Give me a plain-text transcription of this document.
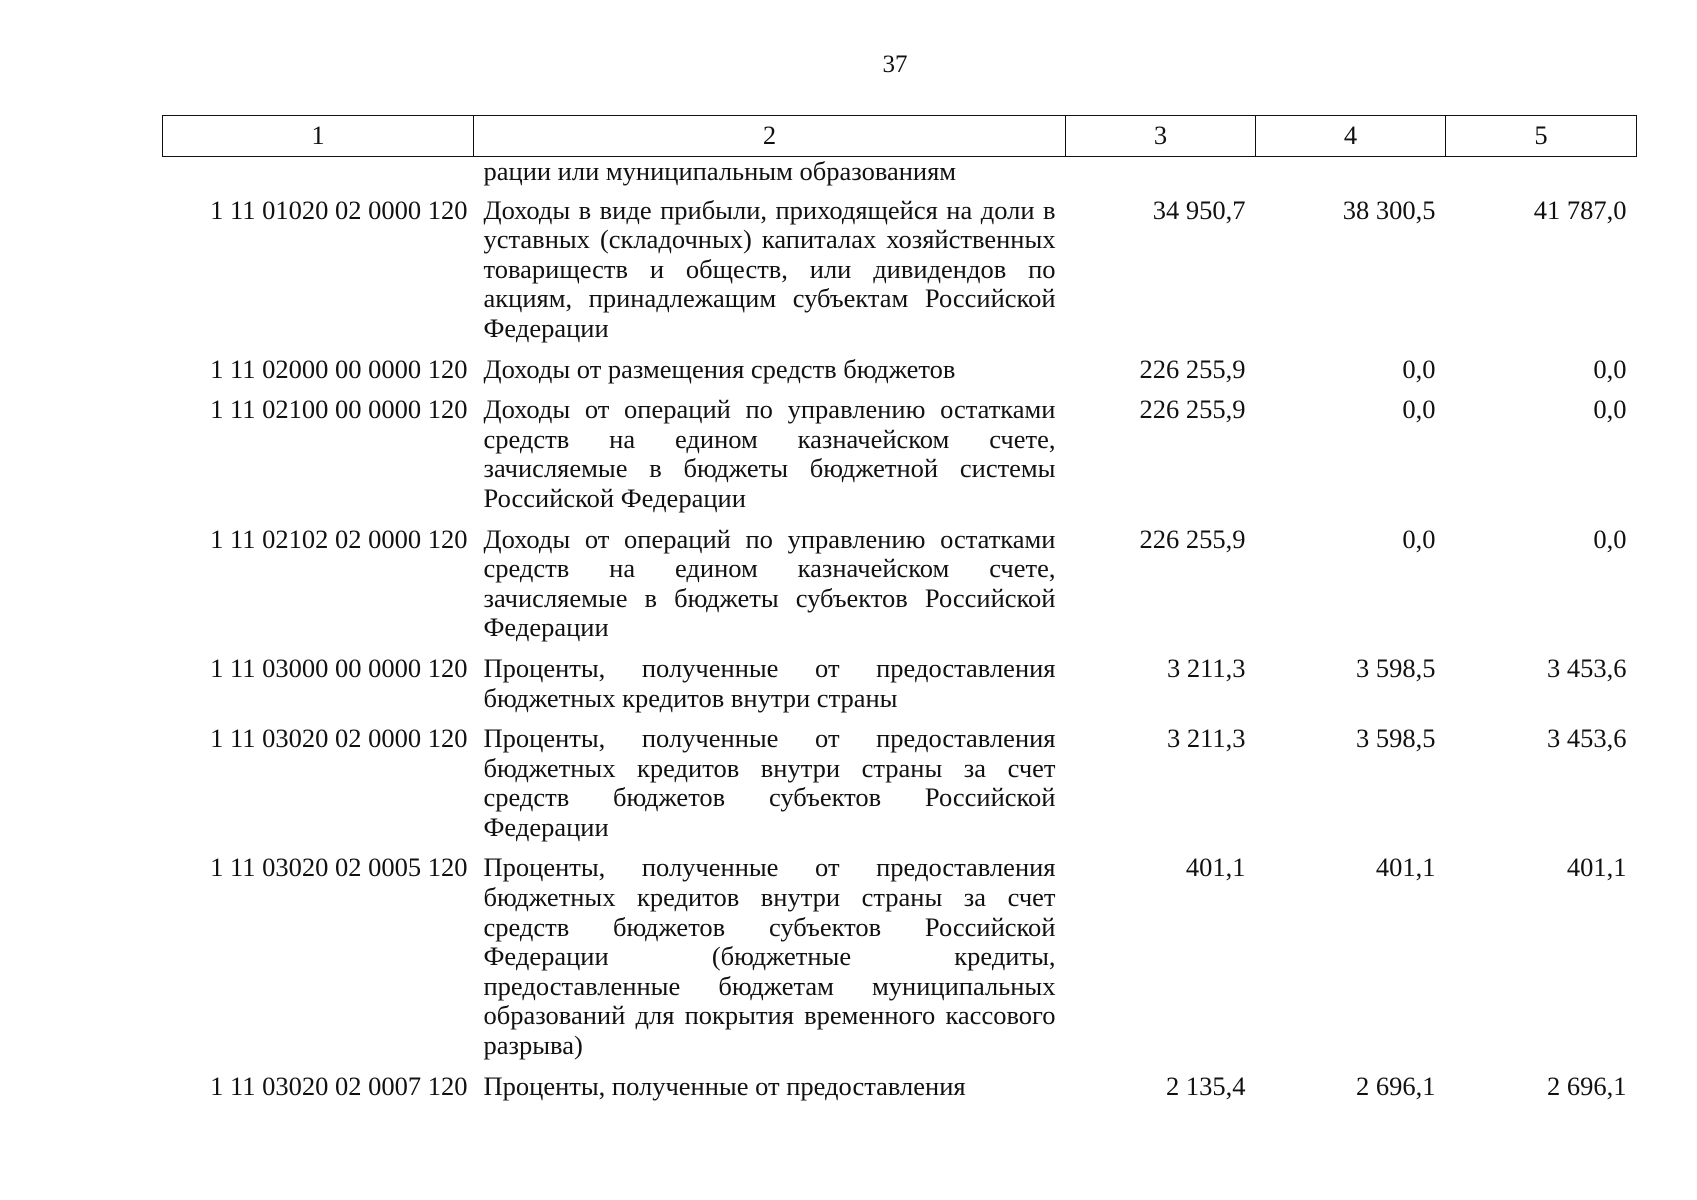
37
1	2	3	4	5
	рации или муниципальным образованиям			
1 11 01020 02 0000 120	Доходы в виде прибыли, приходящейся на доли в уставных (складочных) капиталах хозяйственных товариществ и обществ, или дивидендов по акциям, принадлежащим субъектам Российской Федерации	34 950,7	38 300,5	41 787,0
1 11 02000 00 0000 120	Доходы от размещения средств бюджетов	226 255,9	0,0	0,0
1 11 02100 00 0000 120	Доходы от операций по управлению остатками средств на едином казначейском счете, зачисляемые в бюджеты бюджетной системы Российской Федерации	226 255,9	0,0	0,0
1 11 02102 02 0000 120	Доходы от операций по управлению остатками средств на едином казначейском счете, зачисляемые в бюджеты субъектов Российской Федерации	226 255,9	0,0	0,0
1 11 03000 00 0000 120	Проценты, полученные от предоставления бюджетных кредитов внутри страны	3 211,3	3 598,5	3 453,6
1 11 03020 02 0000 120	Проценты, полученные от предоставления бюджетных кредитов внутри страны за счет средств бюджетов субъектов Российской Федерации	3 211,3	3 598,5	3 453,6
1 11 03020 02 0005 120	Проценты, полученные от предоставления бюджетных кредитов внутри страны за счет средств бюджетов субъектов Российской Федерации (бюджетные кредиты, предоставленные бюджетам муниципальных образований для покрытия временного кассового разрыва)	401,1	401,1	401,1
1 11 03020 02 0007 120	Проценты, полученные от предоставления	2 135,4	2 696,1	2 696,1
